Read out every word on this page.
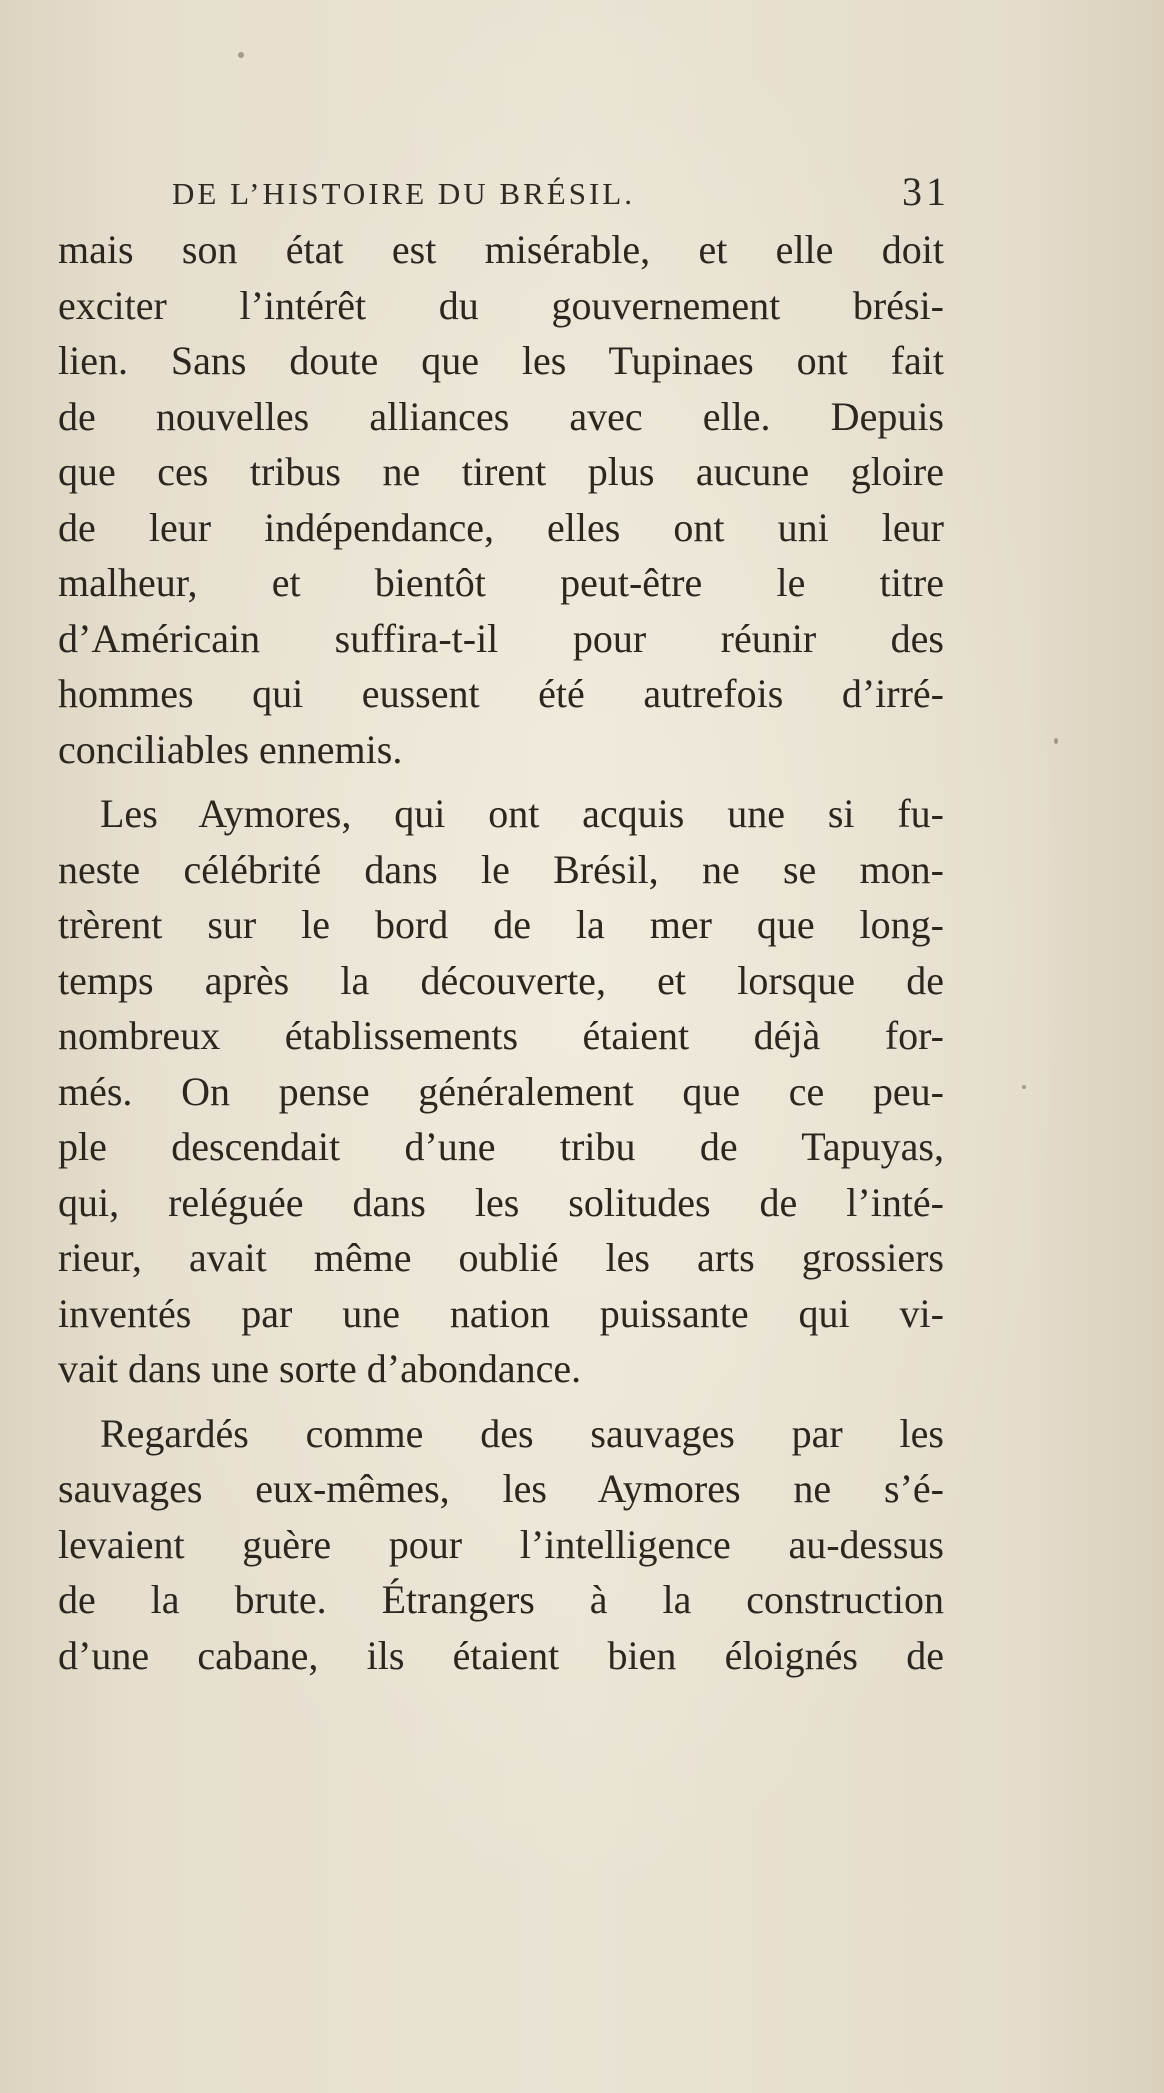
DE L’HISTOIRE DU BRÉSIL.	31
mais son état est misérable, et elle doit
exciter l’intérêt du gouvernement brési-
lien. Sans doute que les Tupinaes ont fait
de nouvelles alliances avec elle. Depuis
que ces tribus ne tirent plus aucune gloire
de leur indépendance, elles ont uni leur
malheur, et bientôt peut-être le titre
d’Américain suffira-t-il pour réunir des
hommes qui eussent été autrefois d’irré-
conciliables ennemis.
Les Aymores, qui ont acquis une si fu-
neste célébrité dans le Brésil, ne se mon-
trèrent sur le bord de la mer que long-
temps après la découverte, et lorsque de
nombreux établissements étaient déjà for-
més. On pense généralement que ce peu-
ple descendait d’une tribu de Tapuyas,
qui, reléguée dans les solitudes de l’inté-
rieur, avait même oublié les arts grossiers
inventés par une nation puissante qui vi-
vait dans une sorte d’abondance.
Regardés comme des sauvages par les
sauvages eux-mêmes, les Aymores ne s’é-
levaient guère pour l’intelligence au-dessus
de la brute. Étrangers à la construction
d’une cabane, ils étaient bien éloignés de
